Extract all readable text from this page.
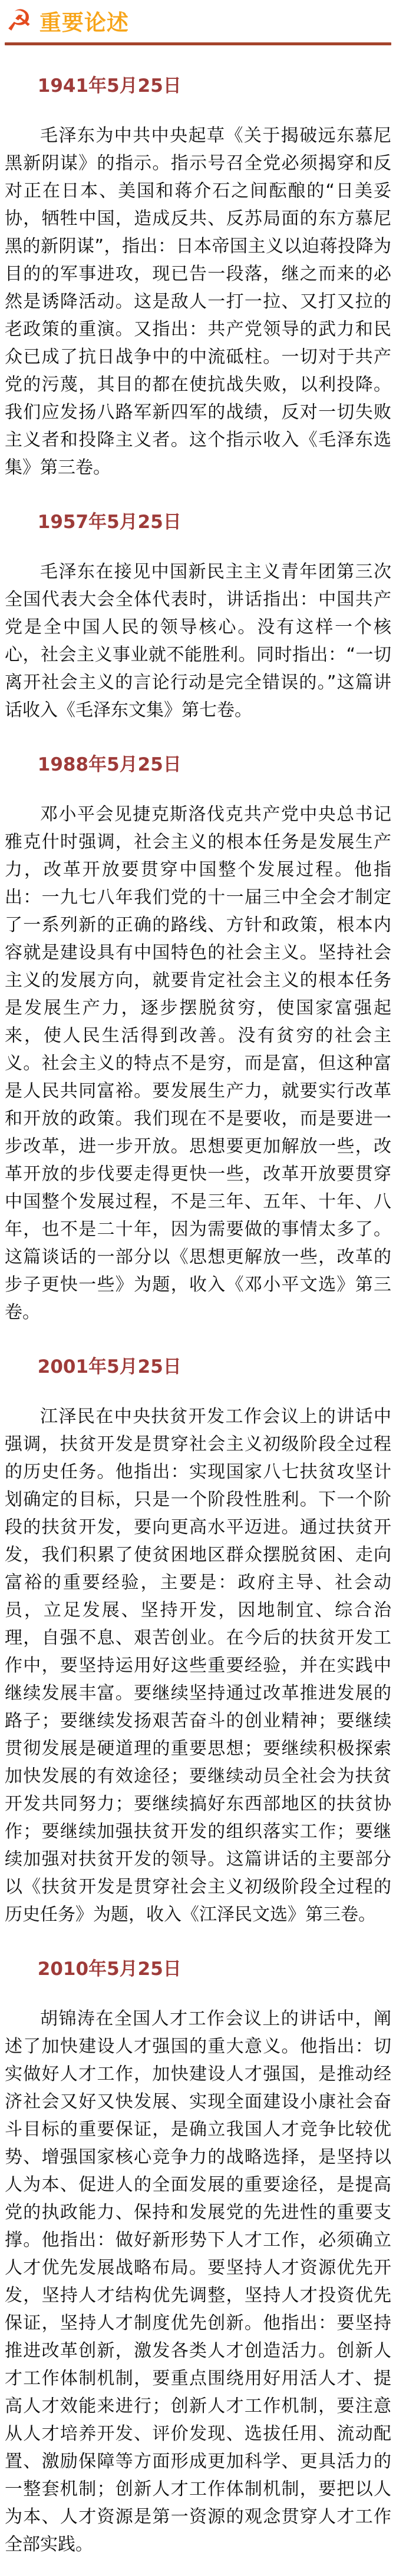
☭ 重要论述
1941年5月25日

毛泽东为中共中央起草《关于揭破远东慕尼黑新阴谋》的指示。指示号召全党必须揭穿和反对正在日本、美国和蒋介石之间酝酿的“日美妥协，牺牲中国，造成反共、反苏局面的东方慕尼黑的新阴谋”，指出：日本帝国主义以迫蒋投降为目的的军事进攻，现已告一段落，继之而来的必然是诱降活动。这是敌人一打一拉、又打又拉的老政策的重演。又指出：共产党领导的武力和民众已成了抗日战争中的中流砥柱。一切对于共产党的污蔑，其目的都在使抗战失败，以利投降。我们应发扬八路军新四军的战绩，反对一切失败主义者和投降主义者。这个指示收入《毛泽东选集》第三卷。

1957年5月25日

毛泽东在接见中国新民主主义青年团第三次全国代表大会全体代表时，讲话指出：中国共产党是全中国人民的领导核心。没有这样一个核心，社会主义事业就不能胜利。同时指出：“一切离开社会主义的言论行动是完全错误的。”这篇讲话收入《毛泽东文集》第七卷。

1988年5月25日

邓小平会见捷克斯洛伐克共产党中央总书记雅克什时强调，社会主义的根本任务是发展生产力，改革开放要贯穿中国整个发展过程。他指出：一九七八年我们党的十一届三中全会才制定了一系列新的正确的路线、方针和政策，根本内容就是建设具有中国特色的社会主义。坚持社会主义的发展方向，就要肯定社会主义的根本任务是发展生产力，逐步摆脱贫穷，使国家富强起来，使人民生活得到改善。没有贫穷的社会主义。社会主义的特点不是穷，而是富，但这种富是人民共同富裕。要发展生产力，就要实行改革和开放的政策。我们现在不是要收，而是要进一步改革，进一步开放。思想要更加解放一些，改革开放的步伐要走得更快一些，改革开放要贯穿中国整个发展过程，不是三年、五年、十年、八年，也不是二十年，因为需要做的事情太多了。这篇谈话的一部分以《思想更解放一些，改革的步子更快一些》为题，收入《邓小平文选》第三卷。

2001年5月25日

江泽民在中央扶贫开发工作会议上的讲话中强调，扶贫开发是贯穿社会主义初级阶段全过程的历史任务。他指出：实现国家八七扶贫攻坚计划确定的目标，只是一个阶段性胜利。下一个阶段的扶贫开发，要向更高水平迈进。通过扶贫开发，我们积累了使贫困地区群众摆脱贫困、走向富裕的重要经验，主要是：政府主导、社会动员，立足发展、坚持开发，因地制宜、综合治理，自强不息、艰苦创业。在今后的扶贫开发工作中，要坚持运用好这些重要经验，并在实践中继续发展丰富。要继续坚持通过改革推进发展的路子；要继续发扬艰苦奋斗的创业精神；要继续贯彻发展是硬道理的重要思想；要继续积极探索加快发展的有效途径；要继续动员全社会为扶贫开发共同努力；要继续搞好东西部地区的扶贫协作；要继续加强扶贫开发的组织落实工作；要继续加强对扶贫开发的领导。这篇讲话的主要部分以《扶贫开发是贯穿社会主义初级阶段全过程的历史任务》为题，收入《江泽民文选》第三卷。

2010年5月25日

胡锦涛在全国人才工作会议上的讲话中，阐述了加快建设人才强国的重大意义。他指出：切实做好人才工作，加快建设人才强国，是推动经济社会又好又快发展、实现全面建设小康社会奋斗目标的重要保证，是确立我国人才竞争比较优势、增强国家核心竞争力的战略选择，是坚持以人为本、促进人的全面发展的重要途径，是提高党的执政能力、保持和发展党的先进性的重要支撑。他指出：做好新形势下人才工作，必须确立人才优先发展战略布局。要坚持人才资源优先开发，坚持人才结构优先调整，坚持人才投资优先保证，坚持人才制度优先创新。他指出：要坚持推进改革创新，激发各类人才创造活力。创新人才工作体制机制，要重点围绕用好用活人才、提高人才效能来进行；创新人才工作机制，要注意从人才培养开发、评价发现、选拔任用、流动配置、激励保障等方面形成更加科学、更具活力的一整套机制；创新人才工作体制机制，要把以人为本、人才资源是第一资源的观念贯穿人才工作全部实践。
